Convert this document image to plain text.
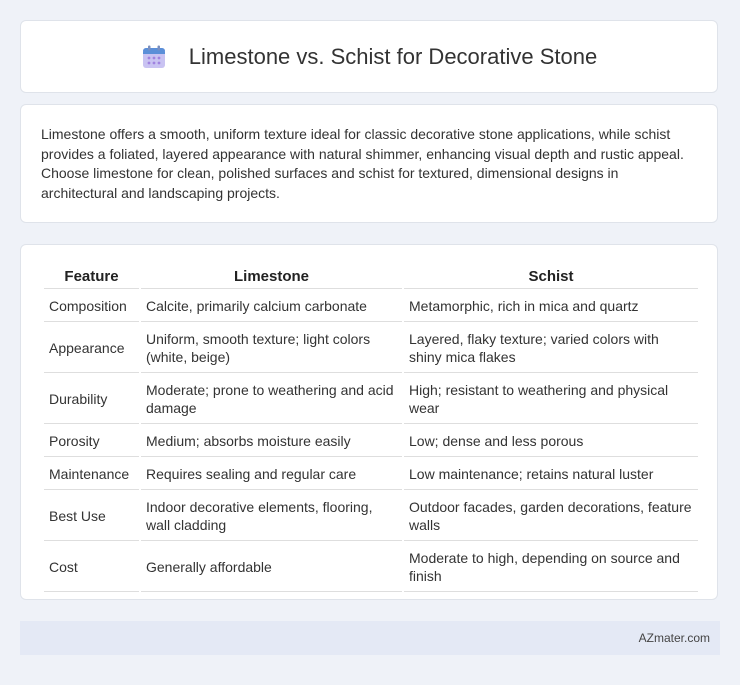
Limestone vs. Schist for Decorative Stone

Limestone offers a smooth, uniform texture ideal for classic decorative stone applications, while schist provides a foliated, layered appearance with natural shimmer, enhancing visual depth and rustic appeal. Choose limestone for clean, polished surfaces and schist for textured, dimensional designs in architectural and landscaping projects.

Feature	Limestone	Schist
Composition	Calcite, primarily calcium carbonate	Metamorphic, rich in mica and quartz
Appearance	Uniform, smooth texture; light colors (white, beige)	Layered, flaky texture; varied colors with shiny mica flakes
Durability	Moderate; prone to weathering and acid damage	High; resistant to weathering and physical wear
Porosity	Medium; absorbs moisture easily	Low; dense and less porous
Maintenance	Requires sealing and regular care	Low maintenance; retains natural luster
Best Use	Indoor decorative elements, flooring, wall cladding	Outdoor facades, garden decorations, feature walls
Cost	Generally affordable	Moderate to high, depending on source and finish
AZmater.com
